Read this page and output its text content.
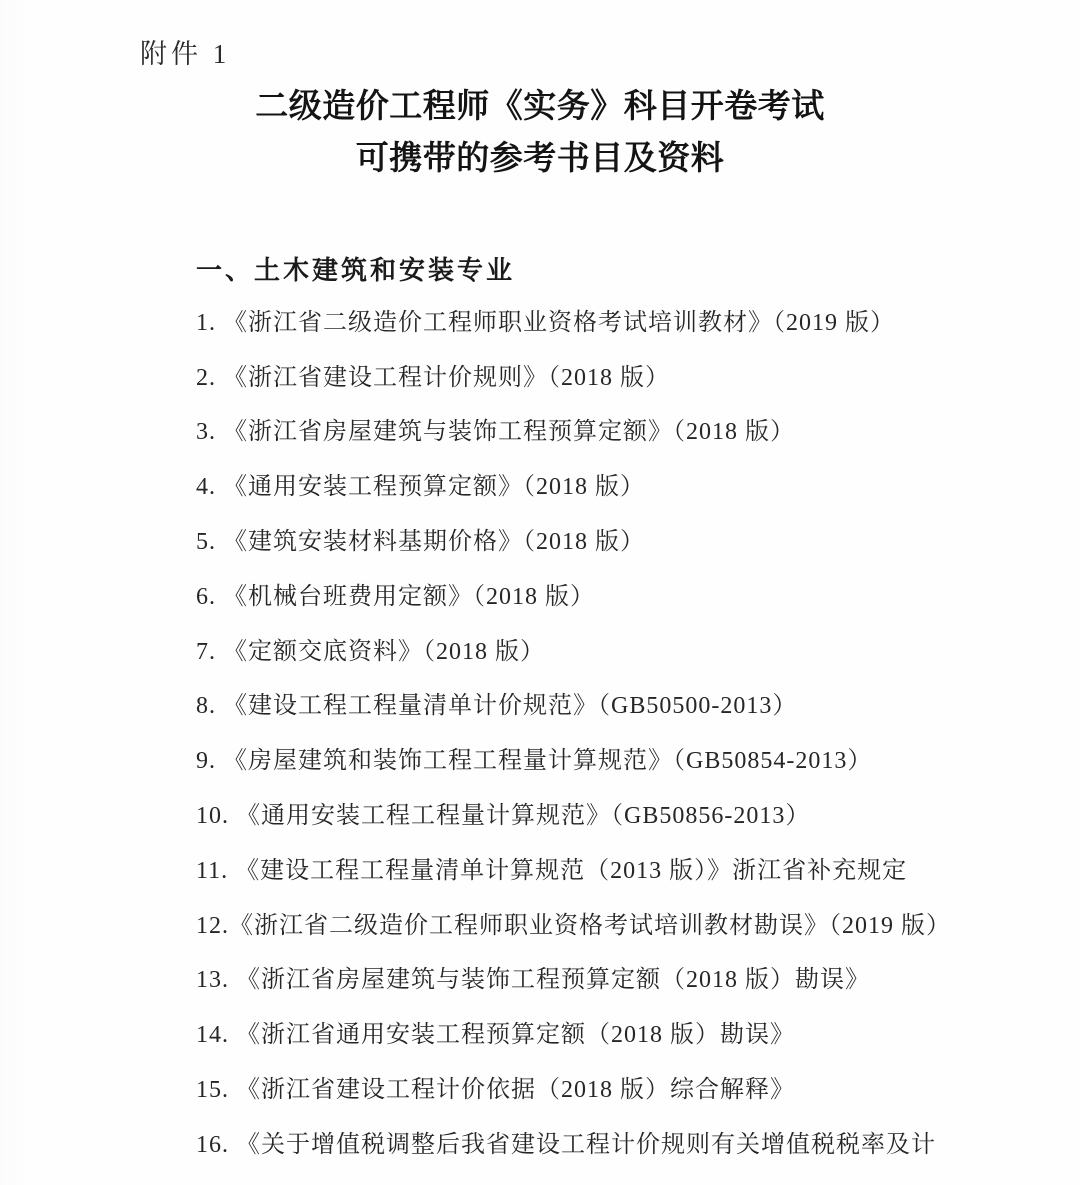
附件 1
二级造价工程师《实务》科目开卷考试
可携带的参考书目及资料
一、土木建筑和安装专业
1. 《浙江省二级造价工程师职业资格考试培训教材》（2019 版）
2. 《浙江省建设工程计价规则》（2018 版）
3. 《浙江省房屋建筑与装饰工程预算定额》（2018 版）
4. 《通用安装工程预算定额》（2018 版）
5. 《建筑安装材料基期价格》（2018 版）
6. 《机械台班费用定额》（2018 版）
7. 《定额交底资料》（2018 版）
8. 《建设工程工程量清单计价规范》（GB50500-2013）
9. 《房屋建筑和装饰工程工程量计算规范》（GB50854-2013）
10. 《通用安装工程工程量计算规范》（GB50856-2013）
11. 《建设工程工程量清单计算规范（2013 版）》浙江省补充规定
12.《浙江省二级造价工程师职业资格考试培训教材勘误》（2019 版）
13. 《浙江省房屋建筑与装饰工程预算定额（2018 版）勘误》
14. 《浙江省通用安装工程预算定额（2018 版）勘误》
15. 《浙江省建设工程计价依据（2018 版）综合解释》
16. 《关于增值税调整后我省建设工程计价规则有关增值税税率及计
